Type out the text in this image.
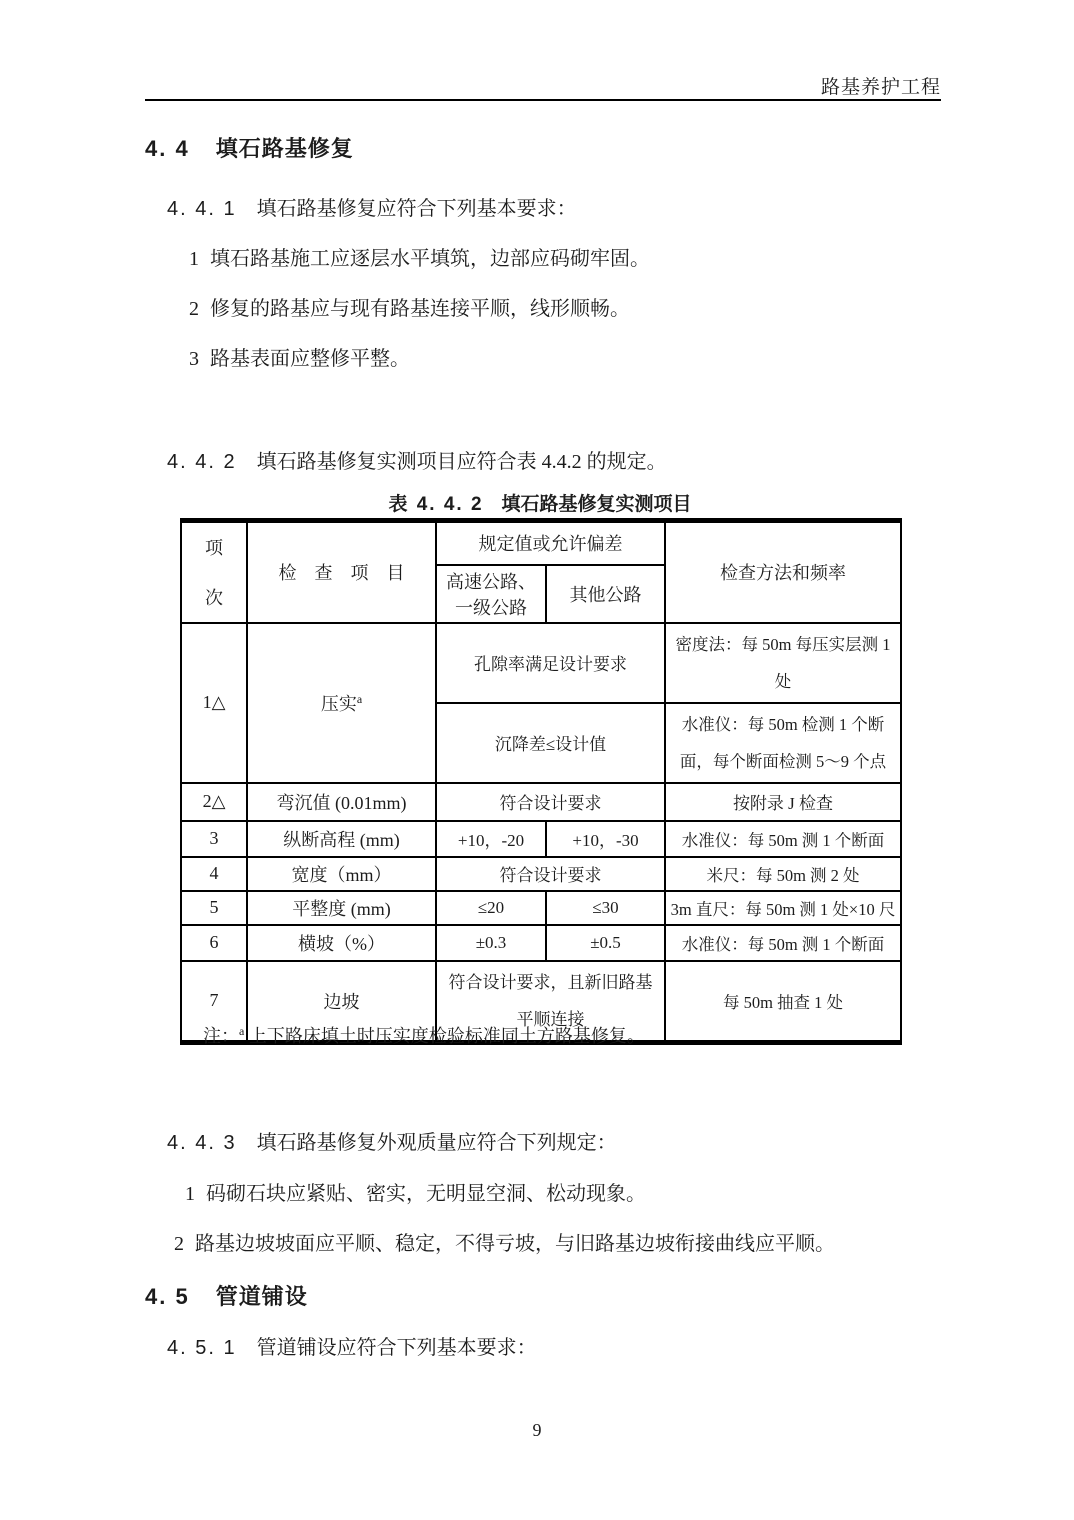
路基养护工程
4. 4 填石路基修复
4. 4. 1 填石路基修复应符合下列基本要求：
1 填石路基施工应逐层水平填筑，边部应码砌牢固。
2 修复的路基应与现有路基连接平顺，线形顺畅。
3 路基表面应整修平整。
4. 4. 2 填石路基修复实测项目应符合表 4.4.2 的规定。
表 4. 4. 2 填石路基修复实测项目
项
次	检　查　项　目	规定值或允许偏差		检查方法和频率
		高速公路、一级公路	其他公路	
1△	压实$^a$	孔隙率满足设计要求		密度法：每 50m 每压实层测 1 处
		沉降差≤设计值		水准仪：每 50m 检测 1 个断面，每个断面检测 5～9 个点
2△	弯沉值 (0.01mm)	符合设计要求		按附录 J 检查
3	纵断高程 (mm)	+10，-20	+10，-30	水准仪：每 50m 测 1 个断面
4	宽度（mm）	符合设计要求		米尺：每 50m 测 2 处
5	平整度 (mm)	≤20	≤30	3m 直尺：每 50m 测 1 处×10 尺
6	横坡（%）	±0.3	±0.5	水准仪：每 50m 测 1 个断面
7	边坡	符合设计要求，且新旧路基平顺连接		每 50m 抽查 1 处
注：$^a$ 上下路床填土时压实度检验标准同土方路基修复。
4. 4. 3 填石路基修复外观质量应符合下列规定：
1 码砌石块应紧贴、密实，无明显空洞、松动现象。
2 路基边坡坡面应平顺、稳定，不得亏坡，与旧路基边坡衔接曲线应平顺。
4. 5 管道铺设
4. 5. 1 管道铺设应符合下列基本要求：
9
